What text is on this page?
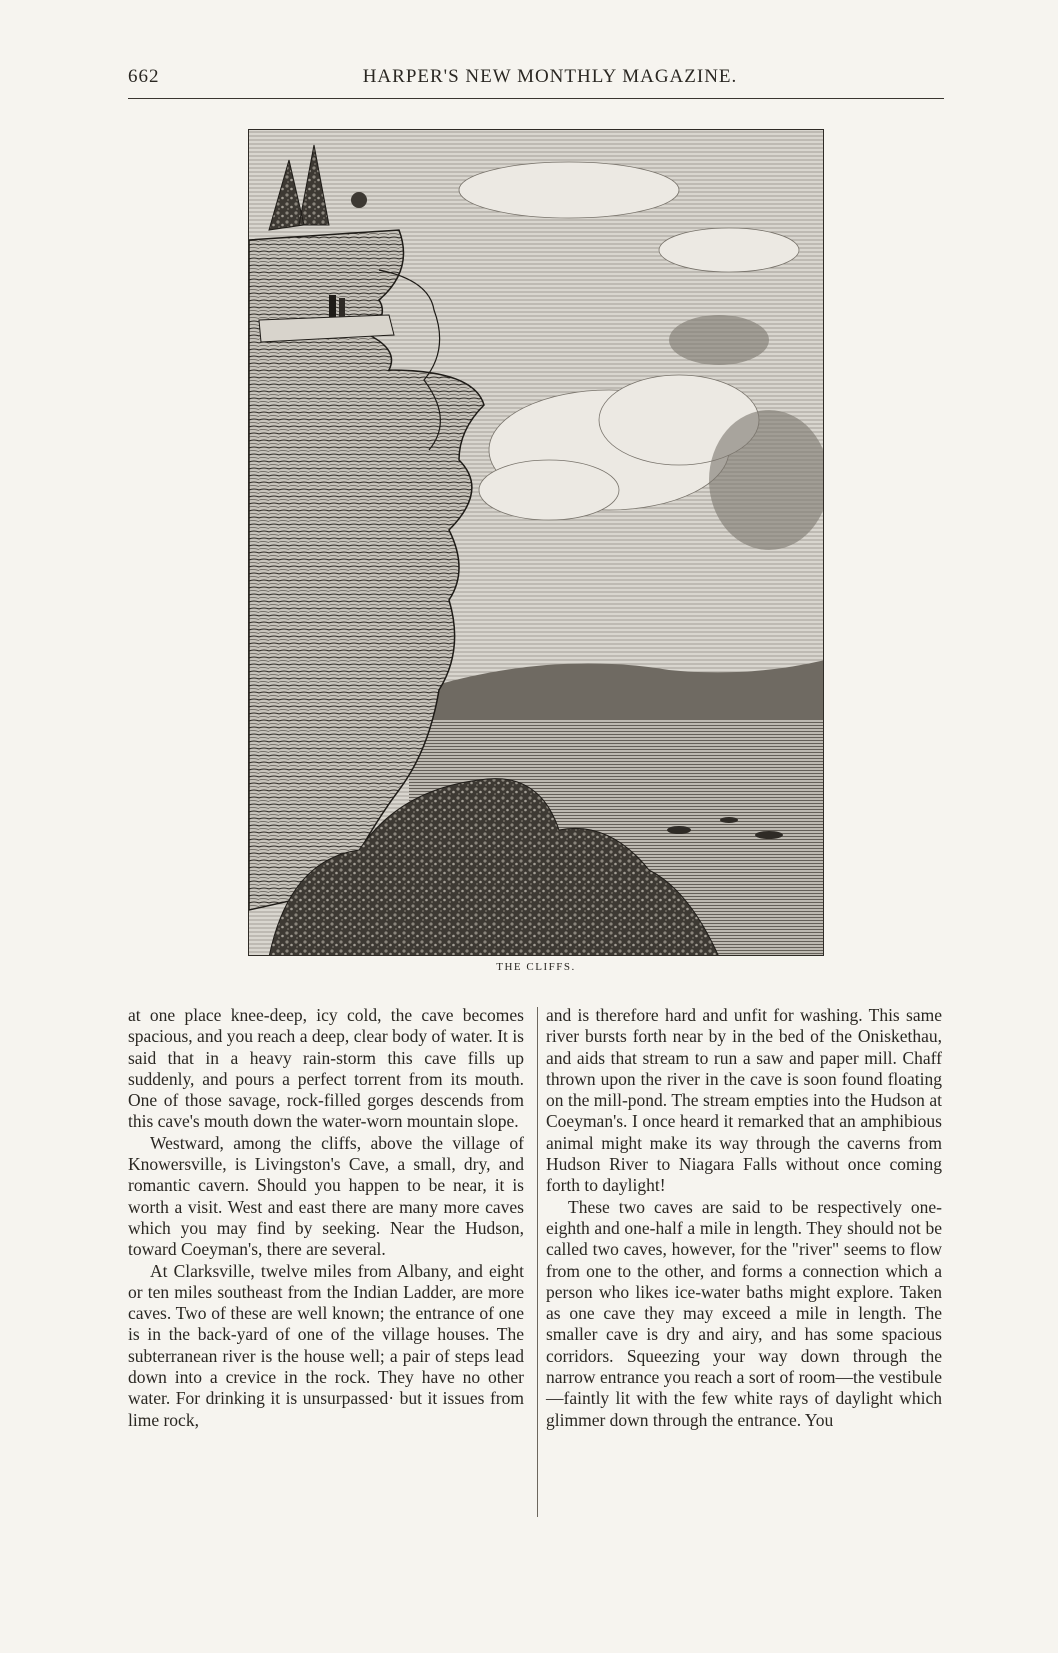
662	HARPER'S NEW MONTHLY MAGAZINE.
THE CLIFFS.

at one place knee-deep, icy cold, the cave becomes spacious, and you reach a deep, clear body of water. It is said that in a heavy rain-storm this cave fills up suddenly, and pours a perfect torrent from its mouth. One of those savage, rock-filled gorges descends from this cave's mouth down the water-worn mountain slope.

Westward, among the cliffs, above the village of Knowersville, is Livingston's Cave, a small, dry, and romantic cavern. Should you happen to be near, it is worth a visit. West and east there are many more caves which you may find by seeking. Near the Hudson, toward Coeyman's, there are several.

At Clarksville, twelve miles from Albany, and eight or ten miles southeast from the Indian Ladder, are more caves. Two of these are well known; the entrance of one is in the back-yard of one of the village houses. The subterranean river is the house well; a pair of steps lead down into a crevice in the rock. They have no other water. For drinking it is unsurpassed· but it issues from lime rock,

and is therefore hard and unfit for washing. This same river bursts forth near by in the bed of the Oniskethau, and aids that stream to run a saw and paper mill. Chaff thrown upon the river in the cave is soon found floating on the mill-pond. The stream empties into the Hudson at Coeyman's. I once heard it remarked that an amphibious animal might make its way through the caverns from Hudson River to Niagara Falls without once coming forth to daylight!

These two caves are said to be respectively one-eighth and one-half a mile in length. They should not be called two caves, however, for the "river" seems to flow from one to the other, and forms a connection which a person who likes ice-water baths might explore. Taken as one cave they may exceed a mile in length. The smaller cave is dry and airy, and has some spacious corridors. Squeezing your way down through the narrow entrance you reach a sort of room—the vestibule—faintly lit with the few white rays of daylight which glimmer down through the entrance. You
